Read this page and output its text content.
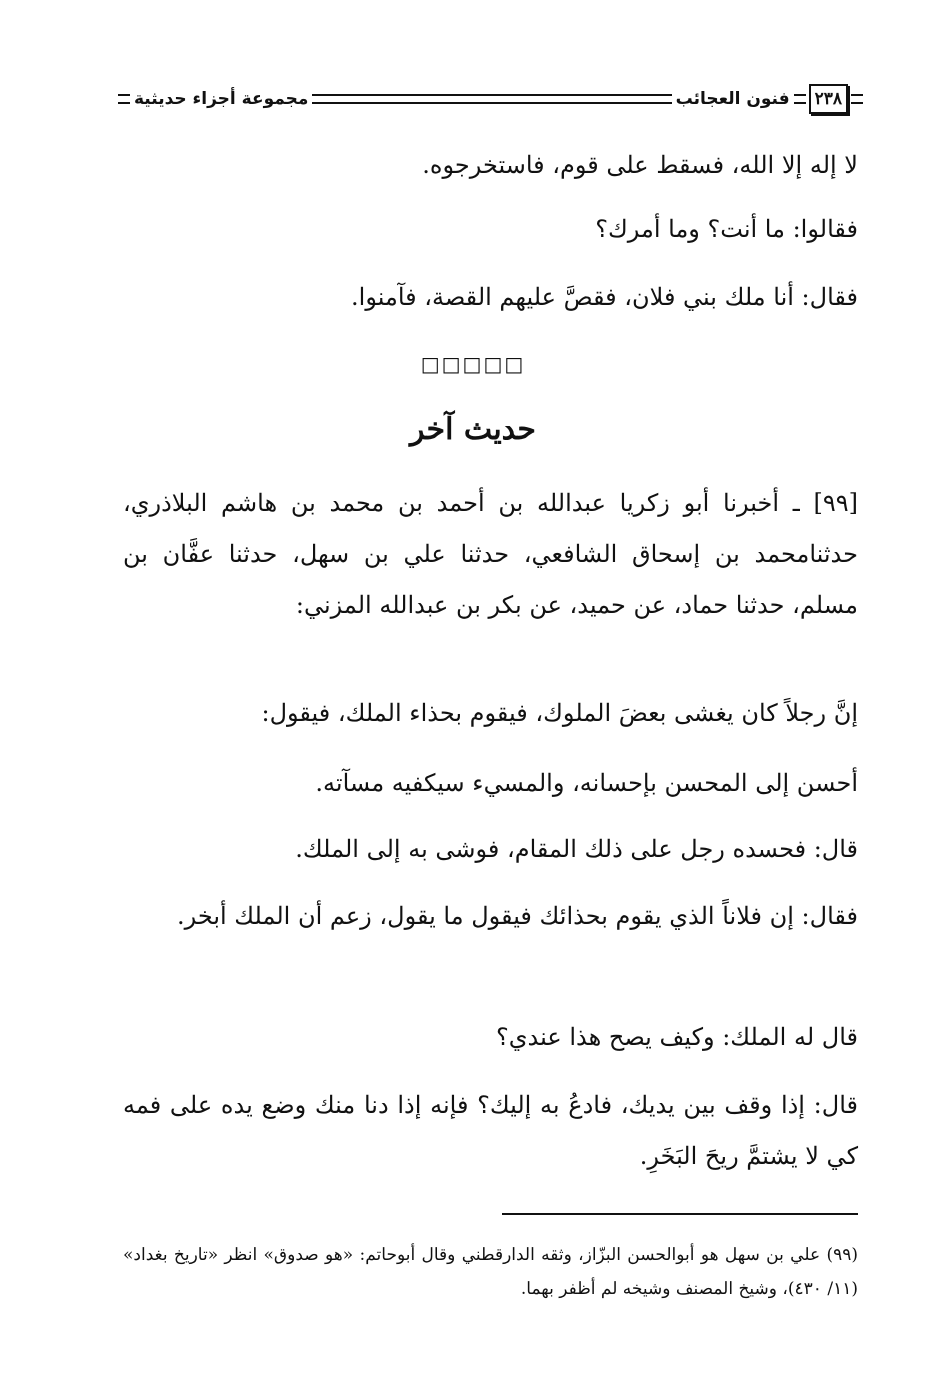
٢٣٨
فنون العجائب
مجموعة أجزاء حديثية
لا إله إلا الله، فسقط على قوم، فاستخرجوه.
فقالوا: ما أنت؟ وما أمرك؟
فقال: أنا ملك بني فلان، فقصَّ عليهم القصة، فآمنوا.
□□□□□
حديث آخر
[٩٩] ـ أخبرنا أبو زكريا عبدالله بن أحمد بن محمد بن هاشم البلاذري، حدثنامحمد بن إسحاق الشافعي، حدثنا علي بن سهل، حدثنا عفَّان بن مسلم، حدثنا حماد، عن حميد، عن بكر بن عبدالله المزني:
إنَّ رجلاً كان يغشى بعضَ الملوك، فيقوم بحذاء الملك، فيقول:
أحسن إلى المحسن بإحسانه، والمسيء سيكفيه مسآته.
قال: فحسده رجل على ذلك المقام، فوشى به إلى الملك.
فقال: إن فلاناً الذي يقوم بحذائك فيقول ما يقول، زعم أن الملك أبخر.
قال له الملك: وكيف يصح هذا عندي؟
قال: إذا وقف بين يديك، فادعُ به إليك؟ فإنه إذا دنا منك وضع يده على فمه كي لا يشتمَّ ريحَ البَخَرِ.
(٩٩) علي بن سهل هو أبوالحسن البزّاز، وثقه الدارقطني وقال أبوحاتم: «هو صدوق» انظر «تاريخ بغداد» (١١/ ٤٣٠)، وشيخ المصنف وشيخه لم أظفر بهما.
